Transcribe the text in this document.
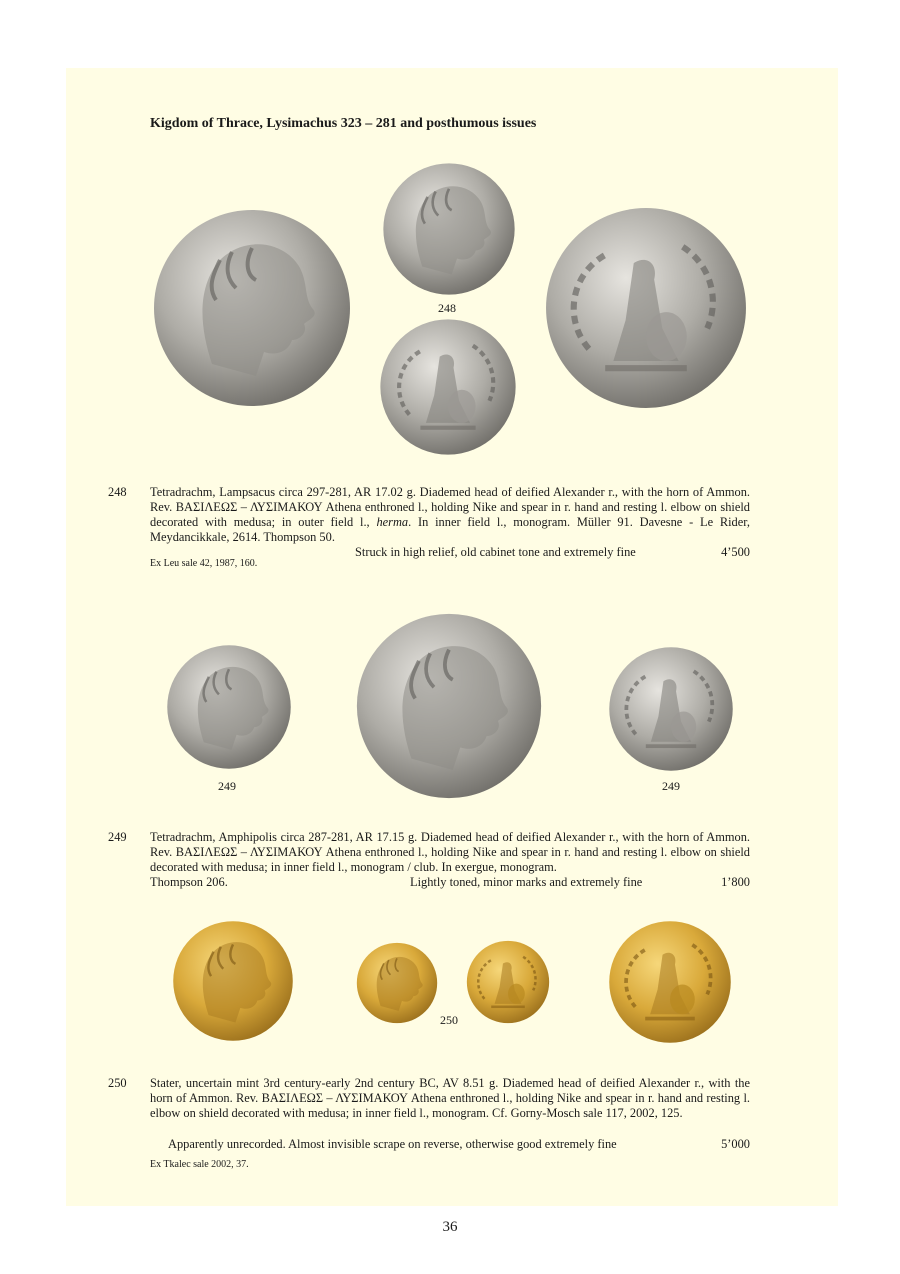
Kigdom of Thrace, Lysimachus 323 – 281 and posthumous issues
248
248 Tetradrachm, Lampsacus circa 297-281, AR 17.02 g. Diademed head of deified Alexander r., with the horn of Ammon. Rev. ΒΑΣΙΛΕΩΣ – ΛΥΣΙΜΑΚΟΥ Athena enthroned l., holding Nike and spear in r. hand and resting l. elbow on shield decorated with medusa; in outer field l., herma. In inner field l., monogram. Müller 91. Davesne - Le Rider, Meydancikkale, 2614. Thompson 50.
Struck in high relief, old cabinet tone and extremely fine	4’500
Ex Leu sale 42, 1987, 160.
249	249
249 Tetradrachm, Amphipolis circa 287-281, AR 17.15 g. Diademed head of deified Alexander r., with the horn of Ammon. Rev. ΒΑΣΙΛΕΩΣ – ΛΥΣΙΜΑΚΟΥ Athena enthroned l., holding Nike and spear in r. hand and resting l. elbow on shield decorated with medusa; in inner field l., monogram / club. In exergue, monogram.
Thompson 206.	Lightly toned, minor marks and extremely fine	1’800
250
250 Stater, uncertain mint 3rd century-early 2nd century BC, AV 8.51 g. Diademed head of deified Alexander r., with the horn of Ammon. Rev. ΒΑΣΙΛΕΩΣ – ΛΥΣΙΜΑΚΟΥ Athena enthroned l., holding Nike and spear in r. hand and resting l. elbow on shield decorated with medusa; in inner field l., monogram. Cf. Gorny-Mosch sale 117, 2002, 125.
Apparently unrecorded. Almost invisible scrape on reverse, otherwise good extremely fine	5’000
Ex Tkalec sale 2002, 37.
36
